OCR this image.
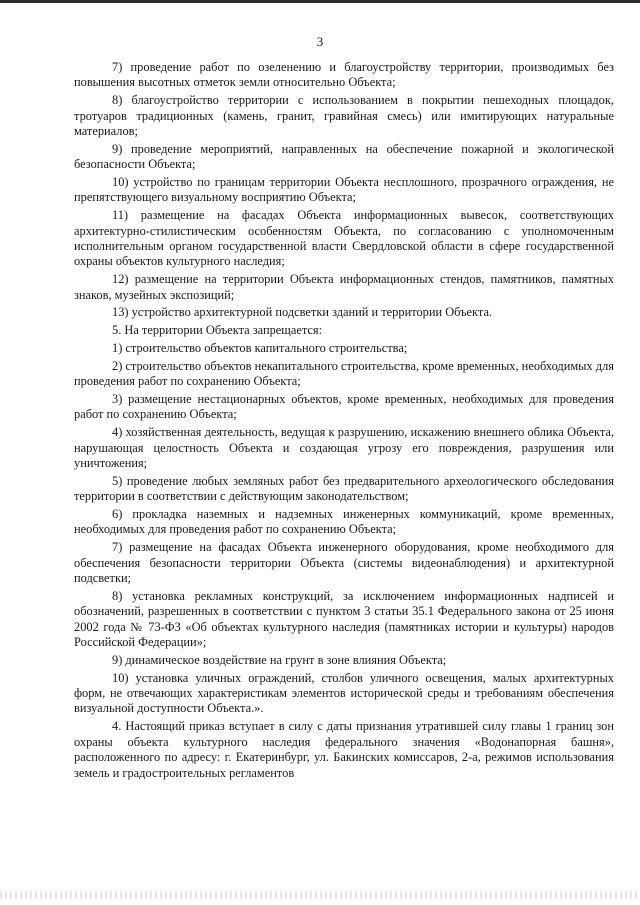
3

7) проведение работ по озеленению и благоустройству территории, производимых без повышения высотных отметок земли относительно Объекта;

8) благоустройство территории с использованием в покрытии пешеходных площадок, тротуаров традиционных (камень, гранит, гравийная смесь) или имитирующих натуральные материалов;

9) проведение мероприятий, направленных на обеспечение пожарной и экологической безопасности Объекта;

10) устройство по границам территории Объекта несплошного, прозрачного ограждения, не препятствующего визуальному восприятию Объекта;

11) размещение на фасадах Объекта информационных вывесок, соответствующих архитектурно-стилистическим особенностям Объекта, по согласованию с уполномоченным исполнительным органом государственной власти Свердловской области в сфере государственной охраны объектов культурного наследия;

12) размещение на территории Объекта информационных стендов, памятников, памятных знаков, музейных экспозиций;

13) устройство архитектурной подсветки зданий и территории Объекта.

5. На территории Объекта запрещается:

1) строительство объектов капитального строительства;

2) строительство объектов некапитального строительства, кроме временных, необходимых для проведения работ по сохранению Объекта;

3) размещение нестационарных объектов, кроме временных, необходимых для проведения работ по сохранению Объекта;

4) хозяйственная деятельность, ведущая к разрушению, искажению внешнего облика Объекта, нарушающая целостность Объекта и создающая угрозу его повреждения, разрушения или уничтожения;

5) проведение любых земляных работ без предварительного археологического обследования территории в соответствии с действующим законодательством;

6) прокладка наземных и надземных инженерных коммуникаций, кроме временных, необходимых для проведения работ по сохранению Объекта;

7) размещение на фасадах Объекта инженерного оборудования, кроме необходимого для обеспечения безопасности территории Объекта (системы видеонаблюдения) и архитектурной подсветки;

8) установка рекламных конструкций, за исключением информационных надписей и обозначений, разрешенных в соответствии с пунктом 3 статьи 35.1 Федерального закона от 25 июня 2002 года № 73-ФЗ «Об объектах культурного наследия (памятниках истории и культуры) народов Российской Федерации»;

9) динамическое воздействие на грунт в зоне влияния Объекта;

10) установка уличных ограждений, столбов уличного освещения, малых архитектурных форм, не отвечающих характеристикам элементов исторической среды и требованиям обеспечения визуальной доступности Объекта.».

4. Настоящий приказ вступает в силу с даты признания утратившей силу главы 1 границ зон охраны объекта культурного наследия федерального значения «Водонапорная башня», расположенного по адресу: г. Екатеринбург, ул. Бакинских комиссаров, 2-а, режимов использования земель и градостроительных регламентов
